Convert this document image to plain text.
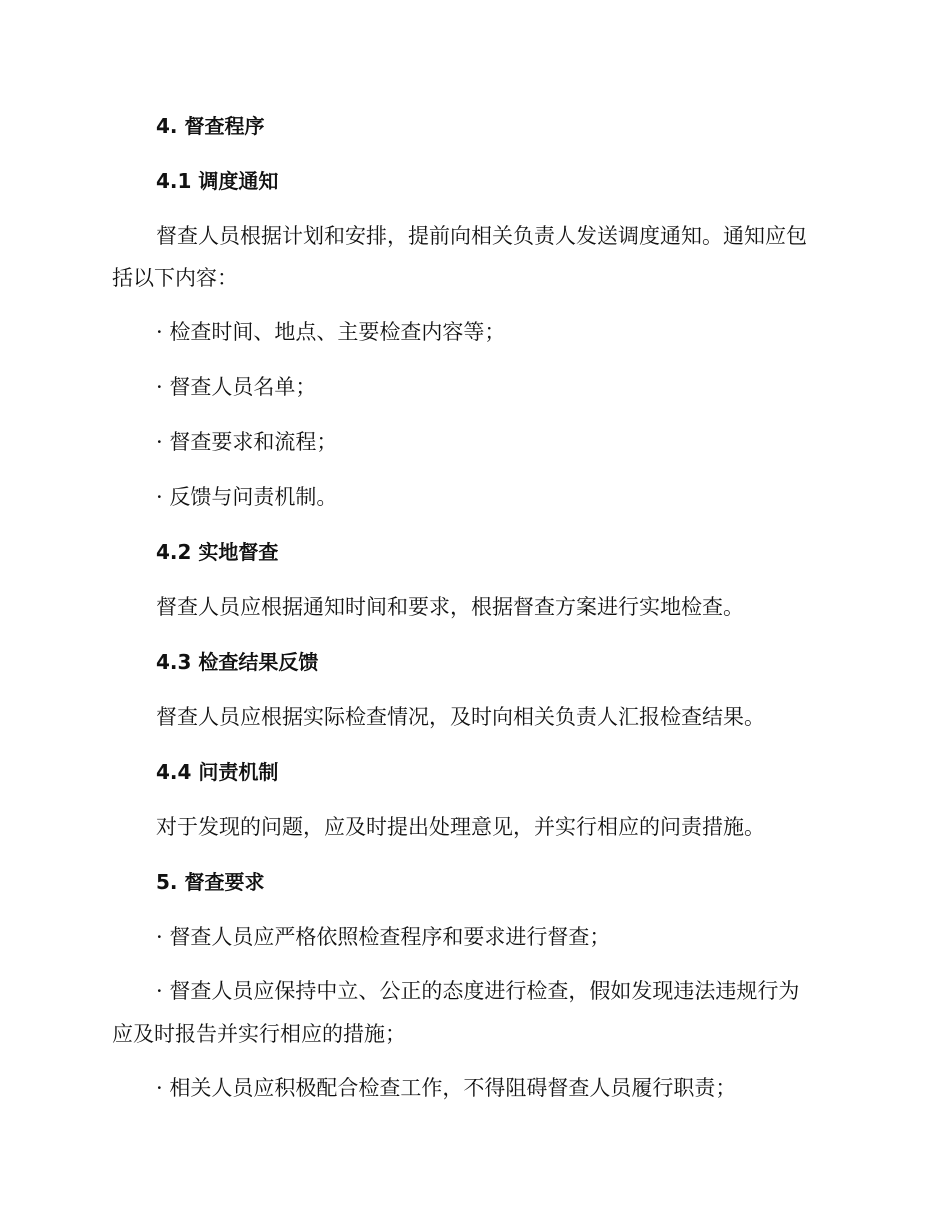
4. 督查程序
4.1 调度通知
督查人员根据计划和安排，提前向相关负责人发送调度通知。通知应包
括以下内容：
· 检查时间、地点、主要检查内容等；
· 督查人员名单；
· 督查要求和流程；
· 反馈与问责机制。
4.2 实地督查
督查人员应根据通知时间和要求，根据督查方案进行实地检查。
4.3 检查结果反馈
督查人员应根据实际检查情况，及时向相关负责人汇报检查结果。
4.4 问责机制
对于发现的问题，应及时提出处理意见，并实行相应的问责措施。
5. 督查要求
· 督查人员应严格依照检查程序和要求进行督查；
· 督查人员应保持中立、公正的态度进行检查，假如发现违法违规行为
应及时报告并实行相应的措施；
· 相关人员应积极配合检查工作，不得阻碍督查人员履行职责；
